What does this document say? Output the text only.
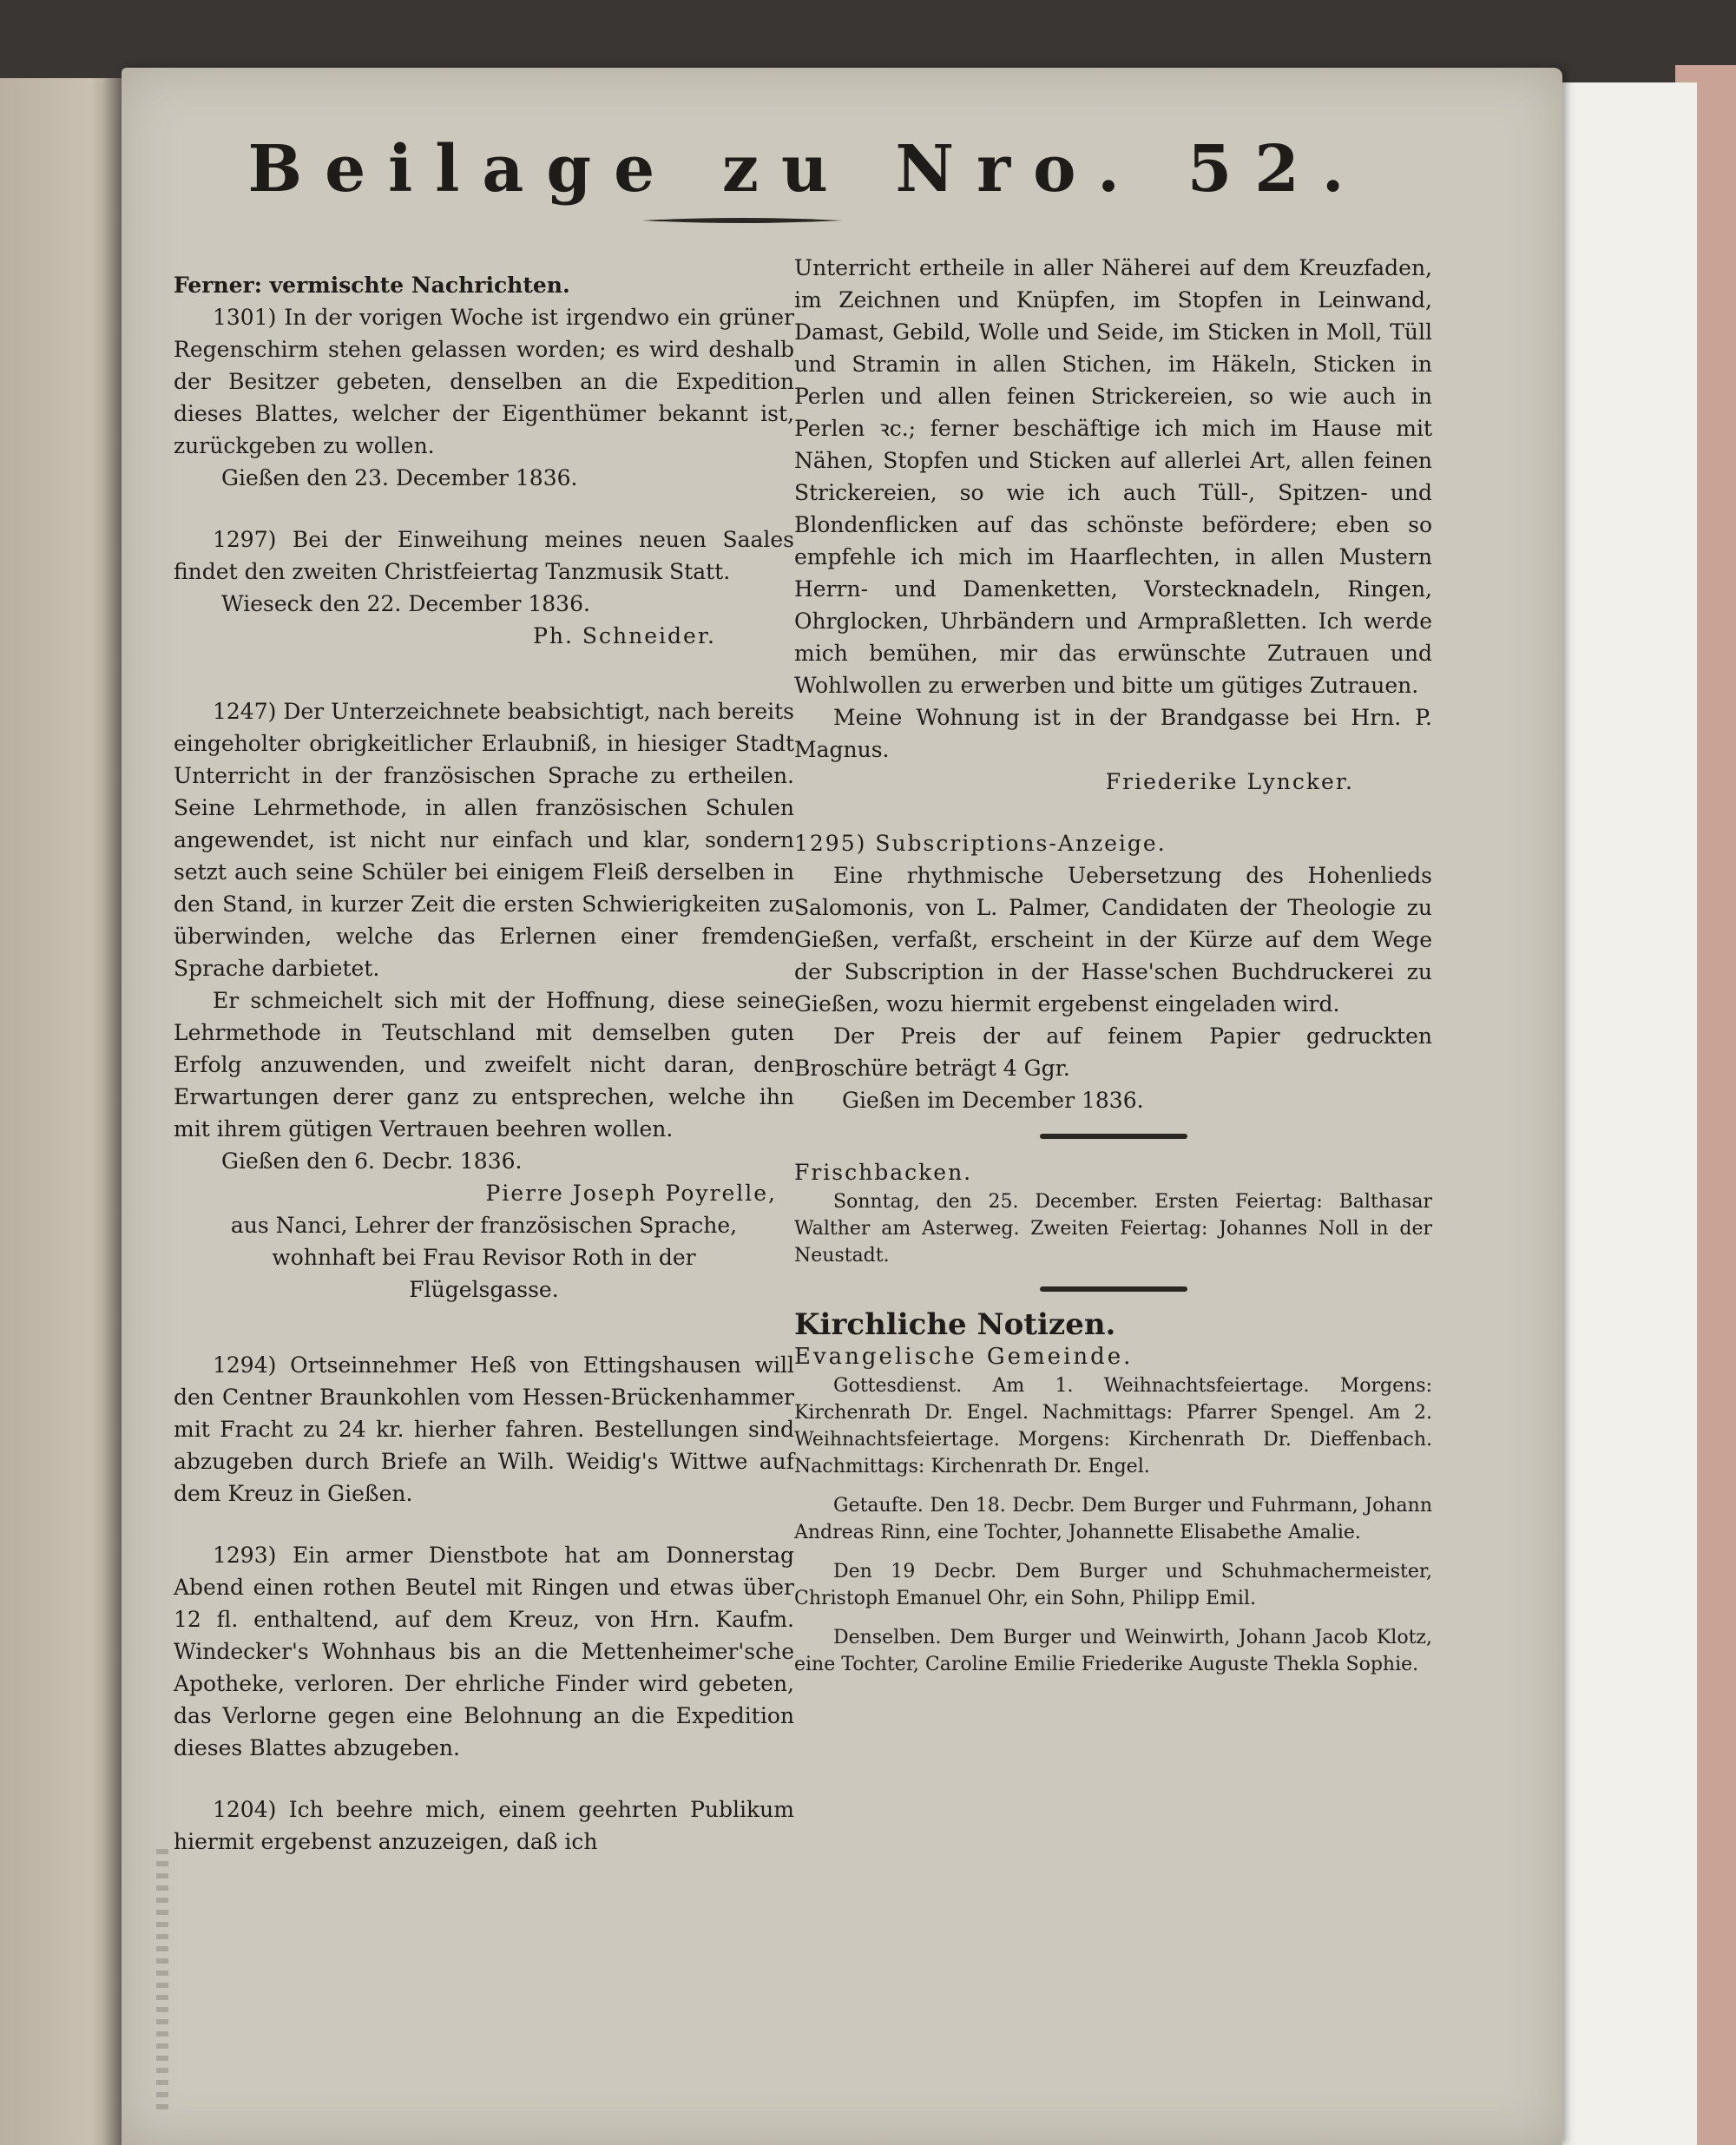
Beilage zu Nro. 52.

Ferner: vermischte Nachrichten.

1301) In der vorigen Woche ist irgendwo ein grüner Regenschirm stehen gelassen worden; es wird deshalb der Besitzer gebeten, denselben an die Expedition dieses Blattes, welcher der Eigenthümer bekannt ist, zurückgeben zu wollen.

Gießen den 23. December 1836.

1297) Bei der Einweihung meines neuen Saales findet den zweiten Christfeiertag Tanzmusik Statt.

Wieseck den 22. December 1836.

Ph. Schneider.

1247) Der Unterzeichnete beabsichtigt, nach bereits eingeholter obrigkeitlicher Erlaubniß, in hiesiger Stadt Unterricht in der französischen Sprache zu ertheilen. Seine Lehrmethode, in allen französischen Schulen angewendet, ist nicht nur einfach und klar, sondern setzt auch seine Schüler bei einigem Fleiß derselben in den Stand, in kurzer Zeit die ersten Schwierigkeiten zu überwinden, welche das Erlernen einer fremden Sprache darbietet.

Er schmeichelt sich mit der Hoffnung, diese seine Lehrmethode in Teutschland mit demselben guten Erfolg anzuwenden, und zweifelt nicht daran, den Erwartungen derer ganz zu entsprechen, welche ihn mit ihrem gütigen Vertrauen beehren wollen.

Gießen den 6. Decbr. 1836.

Pierre Joseph Poyrelle,

aus Nanci, Lehrer der französischen Sprache, wohnhaft bei Frau Revisor Roth in der Flügelsgasse.

1294) Ortseinnehmer Heß von Ettingshausen will den Centner Braunkohlen vom Hessen-Brückenhammer mit Fracht zu 24 kr. hierher fahren. Bestellungen sind abzugeben durch Briefe an Wilh. Weidig's Wittwe auf dem Kreuz in Gießen.

1293) Ein armer Dienstbote hat am Donnerstag Abend einen rothen Beutel mit Ringen und etwas über 12 fl. enthaltend, auf dem Kreuz, von Hrn. Kaufm. Windecker's Wohnhaus bis an die Mettenheimer'sche Apotheke, verloren. Der ehrliche Finder wird gebeten, das Verlorne gegen eine Belohnung an die Expedition dieses Blattes abzugeben.

1204) Ich beehre mich, einem geehrten Publikum hiermit ergebenst anzuzeigen, daß ich

Unterricht ertheile in aller Näherei auf dem Kreuzfaden, im Zeichnen und Knüpfen, im Stopfen in Leinwand, Damast, Gebild, Wolle und Seide, im Sticken in Moll, Tüll und Stramin in allen Stichen, im Häkeln, Sticken in Perlen und allen feinen Strickereien, so wie auch in Perlen ꝛc.; ferner beschäftige ich mich im Hause mit Nähen, Stopfen und Sticken auf allerlei Art, allen feinen Strickereien, so wie ich auch Tüll-, Spitzen- und Blondenflicken auf das schönste befördere; eben so empfehle ich mich im Haarflechten, in allen Mustern Herrn- und Damenketten, Vorstecknadeln, Ringen, Ohrglocken, Uhrbändern und Armpraßletten. Ich werde mich bemühen, mir das erwünschte Zutrauen und Wohlwollen zu erwerben und bitte um gütiges Zutrauen.

Meine Wohnung ist in der Brandgasse bei Hrn. P. Magnus.

Friederike Lyncker.

1295) Subscriptions-Anzeige.

Eine rhythmische Uebersetzung des Hohenlieds Salomonis, von L. Palmer, Candidaten der Theologie zu Gießen, verfaßt, erscheint in der Kürze auf dem Wege der Subscription in der Hasse'schen Buchdruckerei zu Gießen, wozu hiermit ergebenst eingeladen wird.

Der Preis der auf feinem Papier gedruckten Broschüre beträgt 4 Ggr.

Gießen im December 1836.

Frischbacken.

Sonntag, den 25. December. Ersten Feiertag: Balthasar Walther am Asterweg. Zweiten Feiertag: Johannes Noll in der Neustadt.

Kirchliche Notizen.

Evangelische Gemeinde.

Gottesdienst. Am 1. Weihnachtsfeiertage. Morgens: Kirchenrath Dr. Engel. Nachmittags: Pfarrer Spengel. Am 2. Weihnachtsfeiertage. Morgens: Kirchenrath Dr. Dieffenbach. Nachmittags: Kirchenrath Dr. Engel.

Getaufte. Den 18. Decbr. Dem Burger und Fuhrmann, Johann Andreas Rinn, eine Tochter, Johannette Elisabethe Amalie.

Den 19 Decbr. Dem Burger und Schuhmachermeister, Christoph Emanuel Ohr, ein Sohn, Philipp Emil.

Denselben. Dem Burger und Weinwirth, Johann Jacob Klotz, eine Tochter, Caroline Emilie Friederike Auguste Thekla Sophie.
